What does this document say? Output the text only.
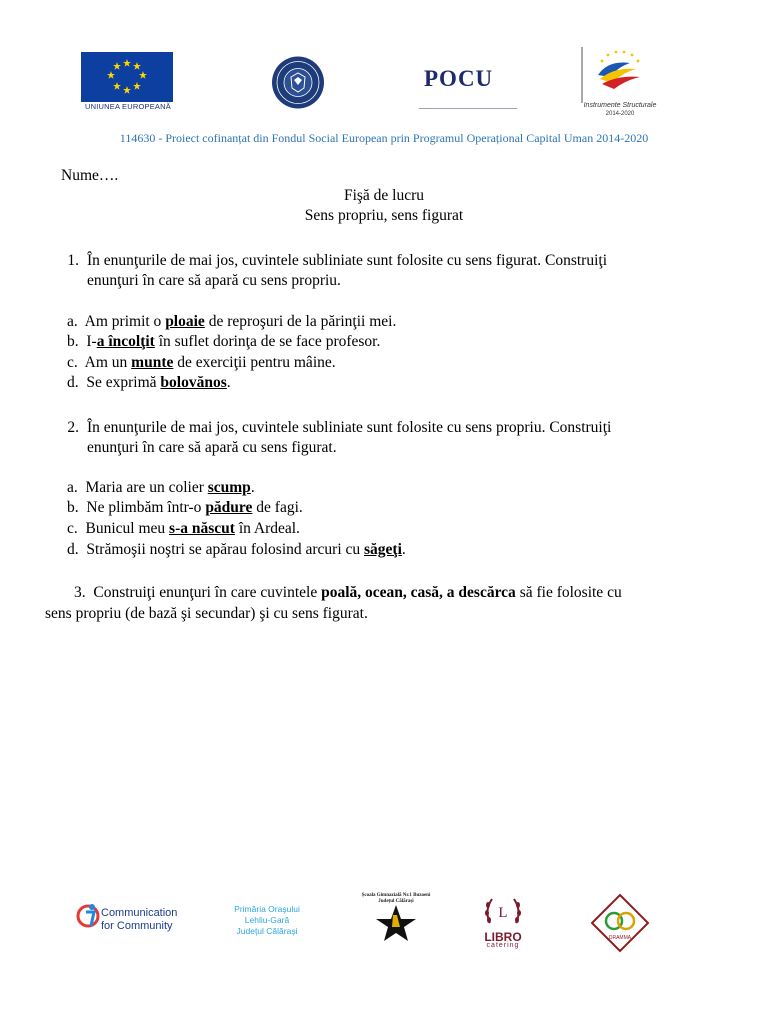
UNIUNEA EUROPEANĂ
POCU
Instrumente Structurale
2014-2020
114630 - Proiect cofinanțat din Fondul Social European prin Programul Operațional Capital Uman 2014-2020
Nume….
Fişă de lucru
Sens propriu, sens figurat
1. În enunţurile de mai jos, cuvintele subliniate sunt folosite cu sens figurat. Construiţi
enunţuri în care să apară cu sens propriu.
a. Am primit o ploaie de reproşuri de la părinţii mei.
b. I-a încolţit în suflet dorinţa de se face profesor.
c. Am un munte de exerciţii pentru mâine.
d. Se exprimă bolovănos.
2. În enunţurile de mai jos, cuvintele subliniate sunt folosite cu sens propriu. Construiţi
enunţuri în care să apară cu sens figurat.
a. Maria are un colier scump.
b. Ne plimbăm într-o pădure de fagi.
c. Bunicul meu s-a născut în Ardeal.
d. Strămoşii noştri se apărau folosind arcuri cu săgeţi.
3. Construiţi enunţuri în care cuvintele poală, ocean, casă, a descărca să fie folosite cu
sens propriu (de bază şi secundar) şi cu sens figurat.
Communication
for Community
Primăria Oraşului
Lehliu-Gară
Judeţul Călăraşi
Școala Gimnazială Nr.1 Buzoeni
Județul Călărași
L
LIBRO
catering
DRAMMA
